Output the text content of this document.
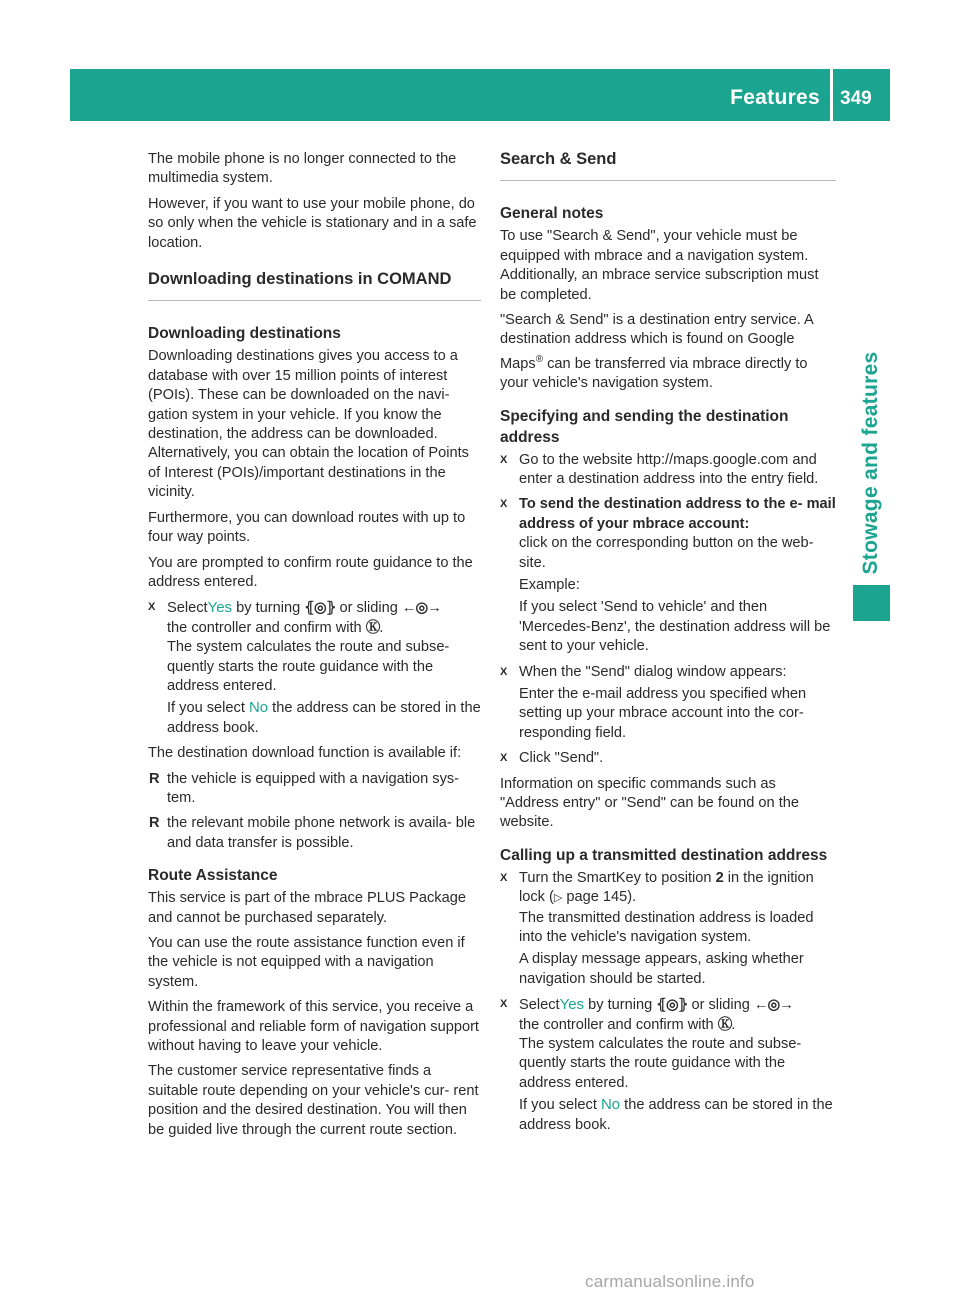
Features 349
Stowage and features

The mobile phone is no longer connected to the multimedia system.

However, if you want to use your mobile phone, do so only when the vehicle is stationary and in a safe location.

Downloading destinations in COMAND
Downloading destinations

Downloading destinations gives you access to a database with over 15 million points of interest (POIs). These can be downloaded on the navi- gation system in your vehicle. If you know the destination, the address can be downloaded. Alternatively, you can obtain the location of Points of Interest (POIs)/important destinations in the vicinity.

Furthermore, you can download routes with up to four way points.

You are prompted to confirm route guidance to the address entered.

X SelectYes by turning ⦃◎⦄ or sliding ←◎→
the controller and confirm with Ⓚ.
The system calculates the route and subse- quently starts the route guidance with the address entered.
If you select No the address can be stored in the address book.

The destination download function is available if:

R the vehicle is equipped with a navigation sys- tem.
R the relevant mobile phone network is availa- ble and data transfer is possible.
Route Assistance

This service is part of the mbrace PLUS Package and cannot be purchased separately.

You can use the route assistance function even if the vehicle is not equipped with a navigation system.

Within the framework of this service, you receive a professional and reliable form of navigation support without having to leave your vehicle.

The customer service representative finds a suitable route depending on your vehicle's cur- rent position and the desired destination. You will then be guided live through the current route section.

Search & Send
General notes

To use "Search & Send", your vehicle must be equipped with mbrace and a navigation system. Additionally, an mbrace service subscription must be completed.

"Search & Send" is a destination entry service. A destination address which is found on Google Maps® can be transferred via mbrace directly to your vehicle's navigation system.

Specifying and sending the destination address
X Go to the website http://maps.google.com and enter a destination address into the entry field.
X To send the destination address to the e- mail address of your mbrace account:
click on the corresponding button on the web- site.
Example:
If you select 'Send to vehicle' and then 'Mercedes-Benz', the destination address will be sent to your vehicle.
X When the "Send" dialog window appears:
Enter the e-mail address you specified when setting up your mbrace account into the cor- responding field.
X Click "Send".

Information on specific commands such as "Address entry" or "Send" can be found on the website.

Calling up a transmitted destination address
X Turn the SmartKey to position 2 in the ignition lock (▷ page 145).
The transmitted destination address is loaded into the vehicle's navigation system.
A display message appears, asking whether navigation should be started.
X SelectYes by turning ⦃◎⦄ or sliding ←◎→
the controller and confirm with Ⓚ.
The system calculates the route and subse- quently starts the route guidance with the address entered.
If you select No the address can be stored in the address book.
carmanualsonline.info
